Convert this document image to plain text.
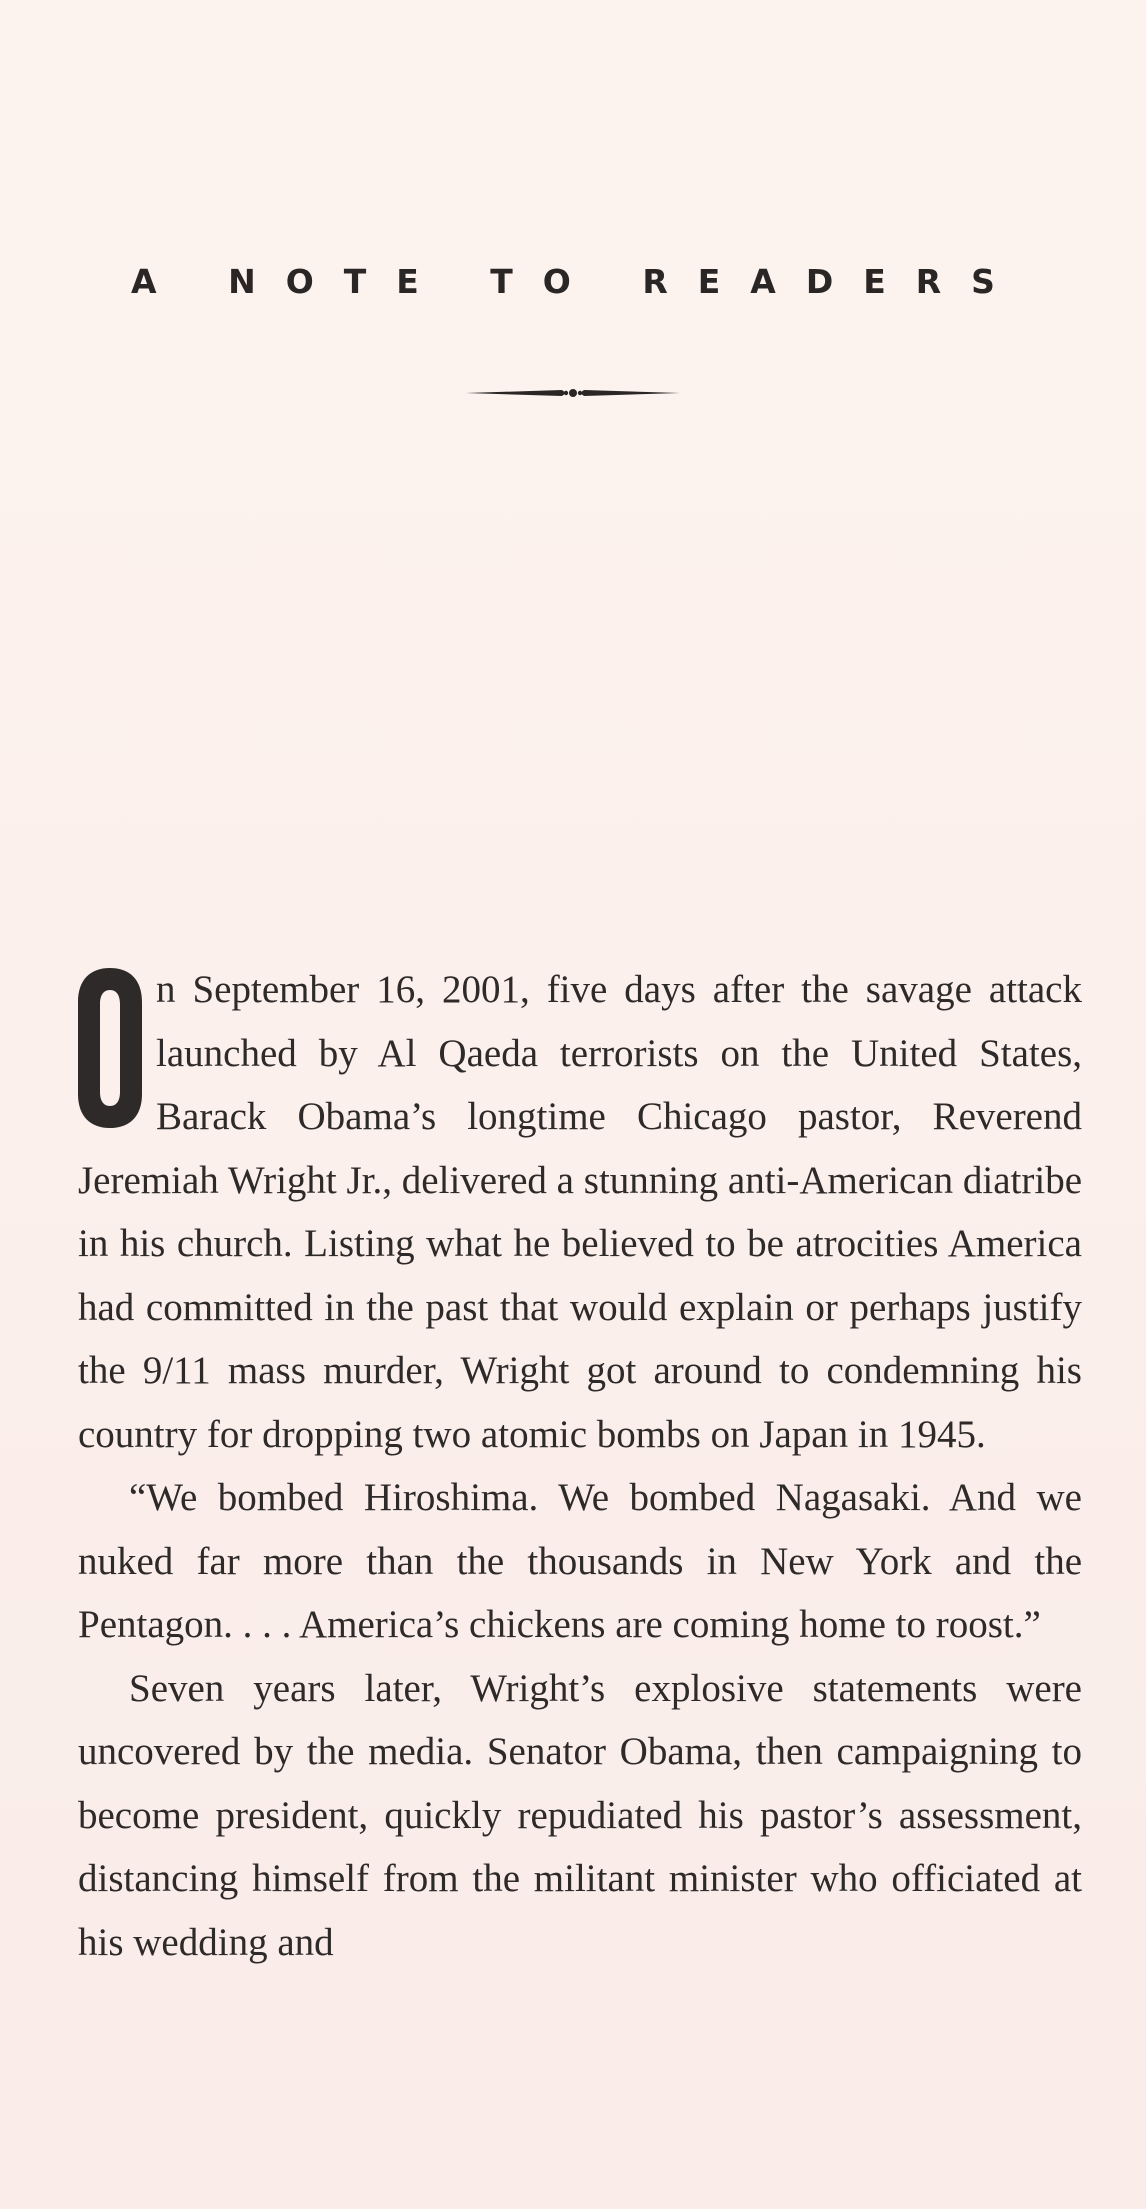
A NOTE TO READERS

n September 16, 2001, five days after the savage attack launched by Al Qaeda terrorists on the United States, Barack Obama’s longtime Chicago pastor, Reverend Jeremiah Wright Jr., delivered a stunning anti-American diatribe in his church. Listing what he believed to be atrocities America had committed in the past that would explain or perhaps justify the 9/11 mass murder, Wright got around to condemning his country for dropping two atomic bombs on Japan in 1945.

“We bombed Hiroshima. We bombed Nagasaki. And we nuked far more than the thousands in New York and the Pentagon. . . . America’s chickens are coming home to roost.”

Seven years later, Wright’s explosive statements were uncovered by the media. Senator Obama, then campaigning to become president, quickly repudiated his pastor’s assessment, distancing himself from the militant minister who officiated at his wedding and
